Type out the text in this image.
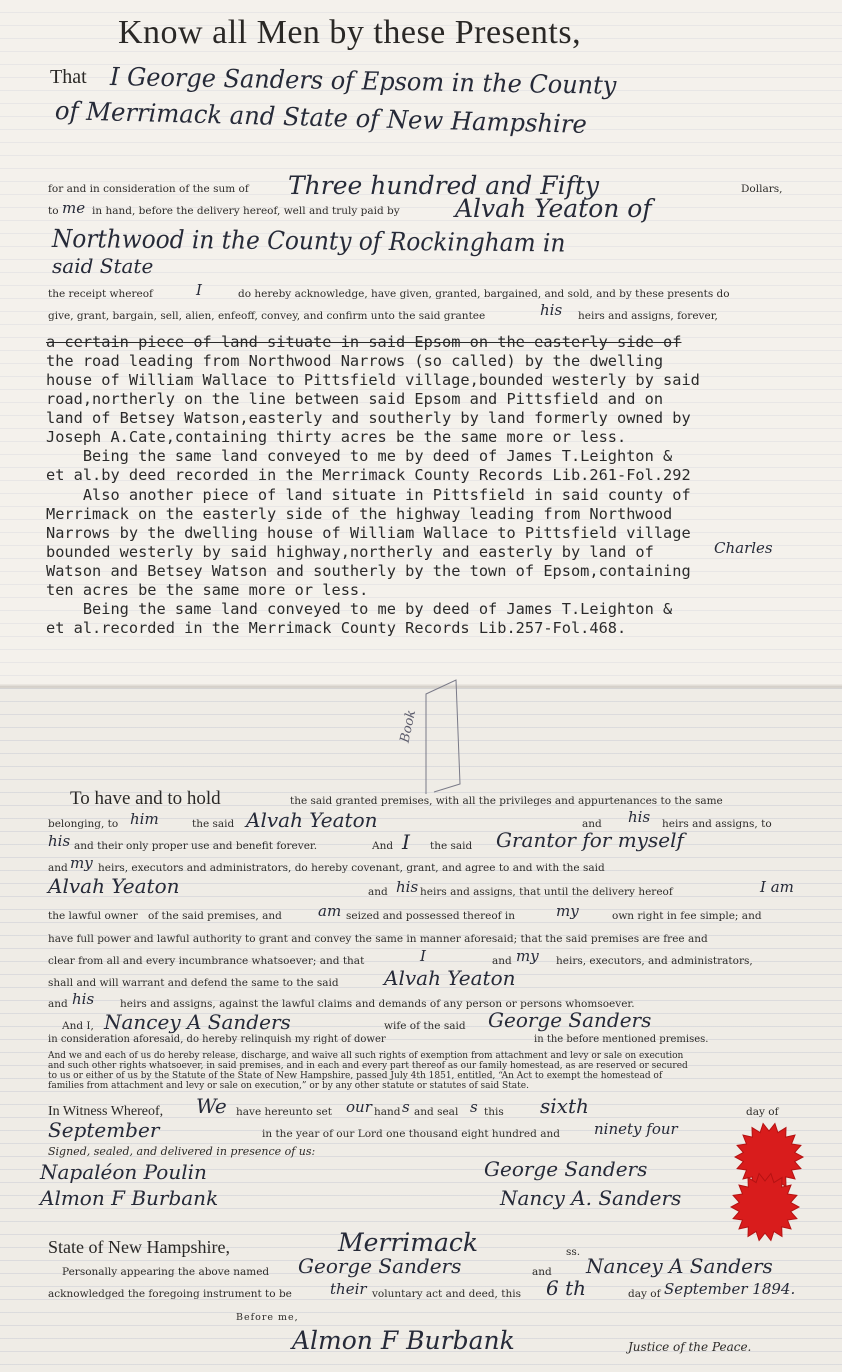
Know all Men by these Presents,
That I George Sanders of Epsom in the County
of Merrimack and State of New Hampshire
for and in consideration of the sum of Three hundred and Fifty	Dollars,
to me in hand, before the delivery hereof, well and truly paid by Alvah Yeaton of
Northwood in the County of Rockingham in
said State
the receipt whereof	I	do hereby acknowledge, have given, granted, bargained, and sold, and by these presents do
give, grant, bargain, sell, alien, enfeoff, convey, and confirm unto the said grantee	his heirs and assigns, forever,
a certain piece of land situate in said Epsom on the easterly side of
the road leading from Northwood Narrows (so called) by the dwelling
house of William Wallace to Pittsfield village,bounded westerly by said
road,northerly on the line between said Epsom and Pittsfield and on
land of Betsey Watson,easterly and southerly by land formerly owned by
Joseph A.Cate,containing thirty acres be the same more or less.
Being the same land conveyed to me by deed of James T.Leighton &
et al.by deed recorded in the Merrimack County Records Lib.261-Fol.292
Also another piece of land situate in Pittsfield in said county of
Merrimack on the easterly side of the highway leading from Northwood
Narrows by the dwelling house of William Wallace to Pittsfield village
bounded westerly by said highway,northerly and easterly by land of	Charles
Watson and Betsey Watson and southerly by the town of Epsom,containing
ten acres be the same more or less.
Being the same land conveyed to me by deed of James T.Leighton &
et al.recorded in the Merrimack County Records Lib.257-Fol.468.
Book
To have and to hold	the said granted premises, with all the privileges and appurtenances to the same
belonging, to him	the said Alvah Yeaton	and his heirs and assigns, to
his and their only proper use and benefit forever.	And I the said Grantor for myself
and my heirs, executors and administrators, do hereby covenant, grant, and agree to and with the said
Alvah Yeaton	and his heirs and assigns, that until the delivery hereof	I am
the lawful owner of the said premises, and am seized and possessed thereof in	my	own right in fee simple; and
have full power and lawful authority to grant and convey the same in manner aforesaid; that the said premises are free and
clear from all and every incumbrance whatsoever; and that	I	and my heirs, executors, and administrators,
shall and will warrant and defend the same to the said Alvah Yeaton
and his heirs and assigns, against the lawful claims and demands of any person or persons whomsoever.
And I, Nancey A Sanders	wife of the said George Sanders
in consideration aforesaid, do hereby relinquish my right of dower	in the before mentioned premises.
And we and each of us do hereby release, discharge, and waive all such rights of exemption from attachment and levy or sale on execution
and such other rights whatsoever, in said premises, and in each and every part thereof as our family homestead, as are reserved or secured
to us or either of us by the Statute of the State of New Hampshire, passed July 4th 1851, entitled, “An Act to exempt the homestead of
families from attachment and levy or sale on execution,” or by any other statute or statutes of said State.
In Witness Whereof, We have hereunto set our hand s and seal s this sixth	day of
September	in the year of our Lord one thousand eight hundred and ninety four
Signed, sealed, and delivered in presence of us:
Napaléon Poulin
Almon F Burbank
George Sanders
Nancy A. Sanders
State of New Hampshire,	Merrimack	ss.
Personally appearing the above named George Sanders	and Nancey A Sanders
acknowledged the foregoing instrument to be	their voluntary act and deed, this 6 th	day of September 1894.
Before me,
Almon F Burbank	Justice of the Peace.
